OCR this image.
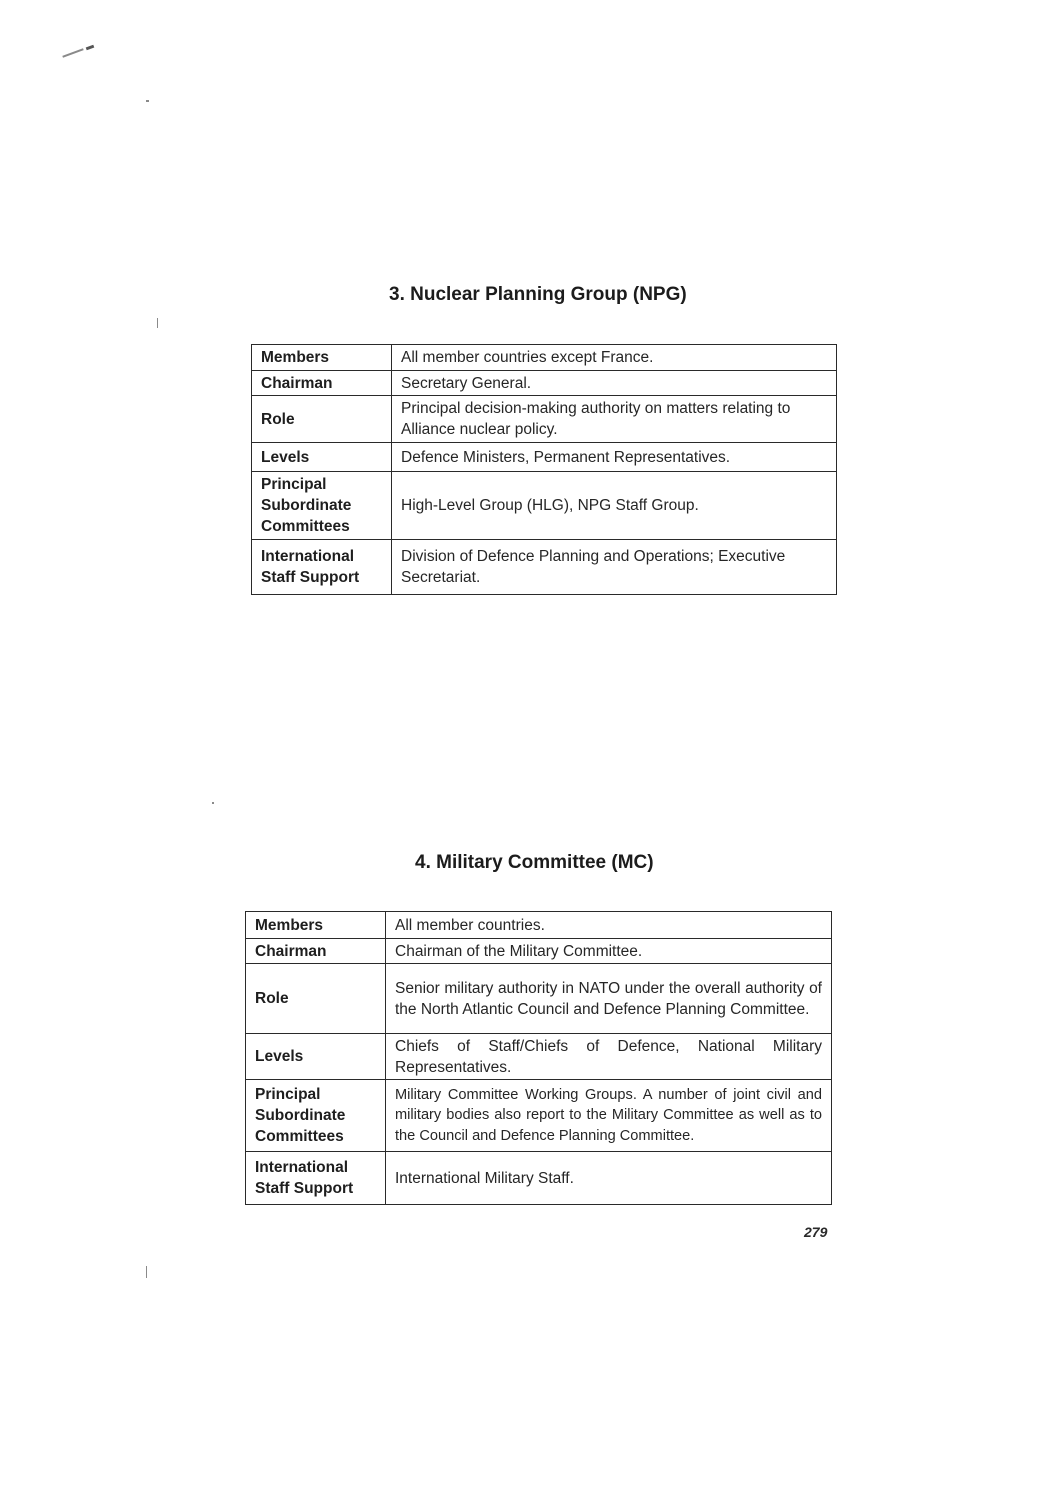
3. Nuclear Planning Group (NPG)
Members	All member countries except France.
Chairman	Secretary General.
Role	Principal decision-making authority on matters relating to Alliance nuclear policy.
Levels	Defence Ministers, Permanent Representatives.
Principal Subordinate Committees	High-Level Group (HLG), NPG Staff Group.
International Staff Support	Division of Defence Planning and Operations; Executive Secretariat.
4. Military Committee (MC)
Members	All member countries.
Chairman	Chairman of the Military Committee.
Role	Senior military authority in NATO under the overall authority of the North Atlantic Council and Defence Planning Committee.
Levels	Chiefs of Staff/Chiefs of Defence, National Military Representatives.
Principal Subordinate Committees	Military Committee Working Groups. A number of joint civil and military bodies also report to the Military Committee as well as to the Council and Defence Planning Committee.
International Staff Support	International Military Staff.
279
